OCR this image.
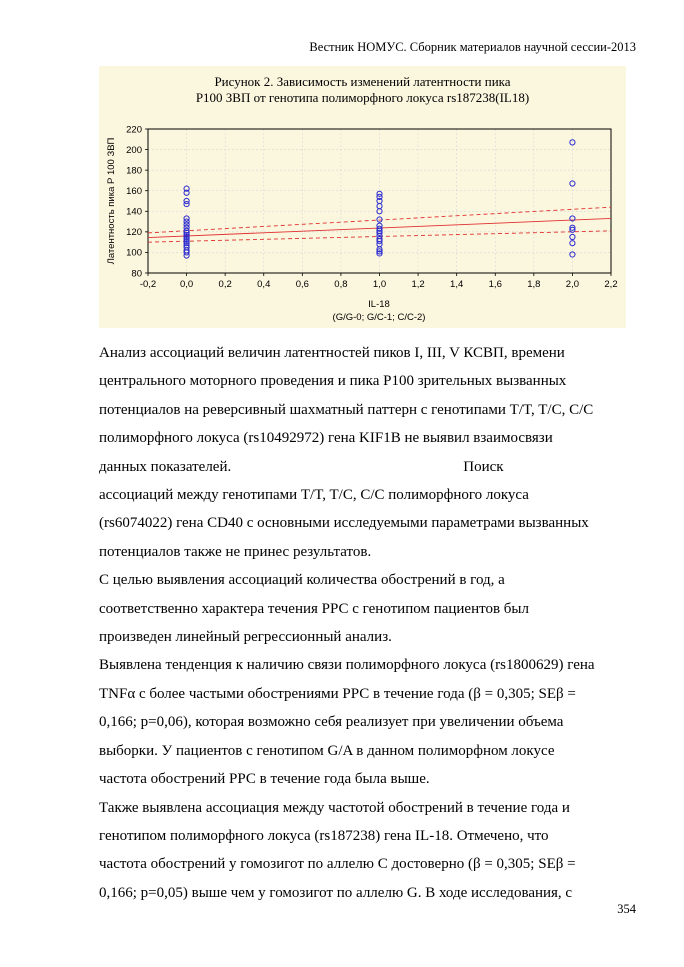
Вестник НОМУС. Сборник материалов научной сессии-2013
Рисунок 2. Зависимость изменений латентности пика
Р100 ЗВП от генотипа полиморфного локуса rs187238(IL18)
-0,2	0,0	0,2	0,4	0,6	0,8	1,0	1,2	1,4	1,6	1,8	2,0	2,2
80
100
120
140
160
180
200
220
Латентность пика Р 100 ЗВП
IL-18
(G/G-0; G/C-1; C/C-2)

Анализ ассоциаций величин латентностей пиков I, III, V КСВП, времени
центрального моторного проведения и пика Р100 зрительных вызванных
потенциалов на реверсивный шахматный паттерн с генотипами T/T, T/C, C/C
полиморфного локуса (rs10492972) гена KIF1B не выявил взаимосвязи
данных показателей.	Поиск

ассоциаций между генотипами T/T, T/C, C/C полиморфного локуса
(rs6074022) гена CD40 с основными исследуемыми параметрами вызванных
потенциалов также не принес результатов.

С целью выявления ассоциаций количества обострений в год, а
соответственно характера течения РРС с генотипом пациентов был
произведен линейный регрессионный анализ.

Выявлена тенденция к наличию связи полиморфного локуса (rs1800629) гена
TNFα с более частыми обострениями РРС в течение года (β = 0,305; SEβ =
0,166; p=0,06), которая возможно себя реализует при увеличении объема
выборки. У пациентов с генотипом G/A в данном полиморфном локусе
частота обострений РРС в течение года была выше.

Также выявлена ассоциация между частотой обострений в течение года и
генотипом полиморфного локуса (rs187238) гена IL-18. Отмечено, что
частота обострений у гомозигот по аллелю С достоверно (β = 0,305; SEβ =
0,166; p=0,05) выше чем у гомозигот по аллелю G. В ходе исследования, с

354
